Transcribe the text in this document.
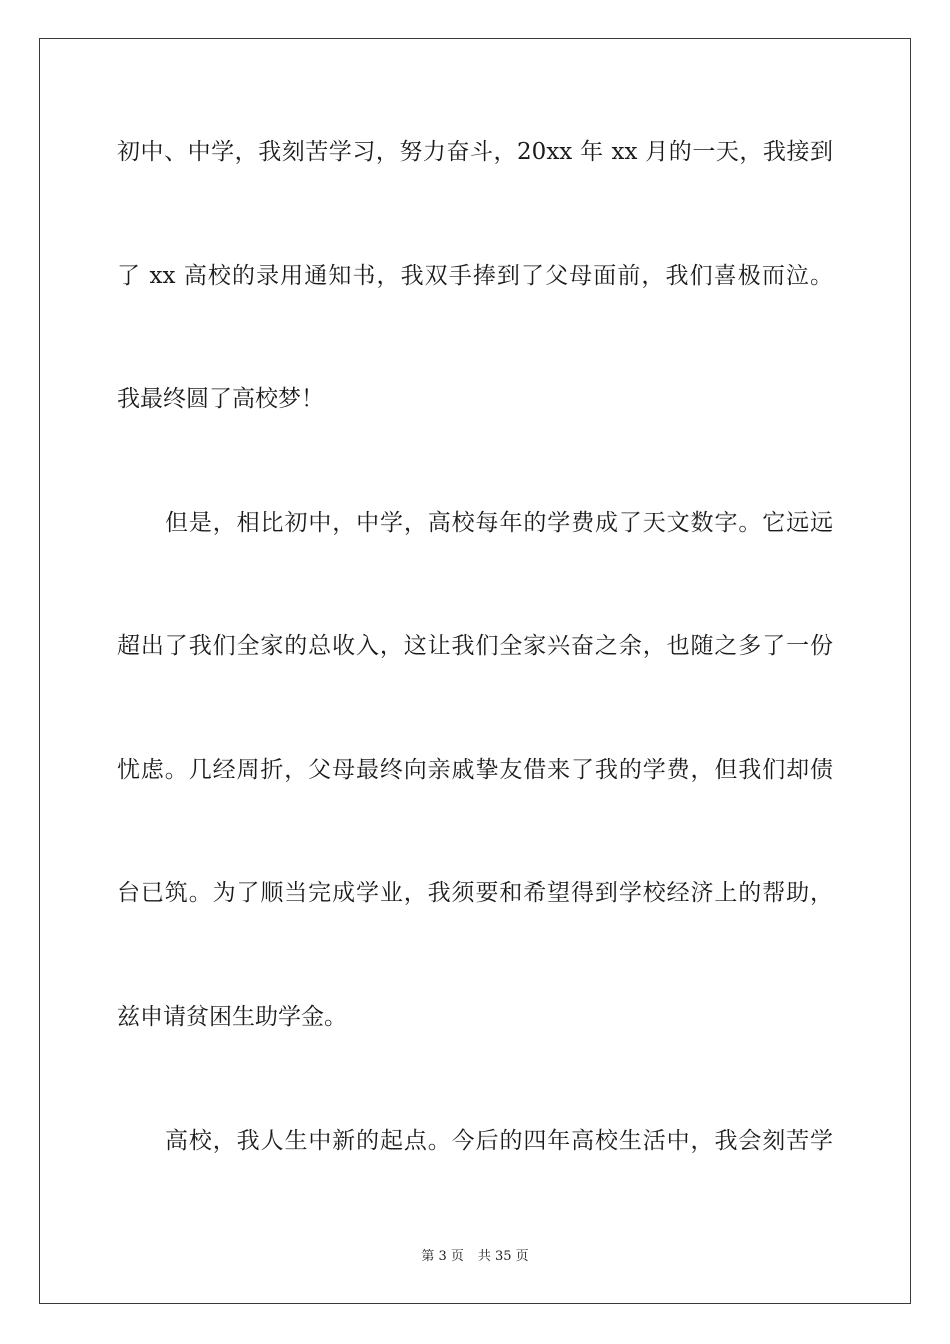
初中、中学，我刻苦学习，努力奋斗，20xx 年 xx 月的一天，我接到
了 xx 高校的录用通知书，我双手捧到了父母面前，我们喜极而泣。
我最终圆了高校梦！
但是，相比初中，中学，高校每年的学费成了天文数字。它远远
超出了我们全家的总收入，这让我们全家兴奋之余，也随之多了一份
忧虑。几经周折，父母最终向亲戚挚友借来了我的学费，但我们却债
台已筑。为了顺当完成学业，我须要和希望得到学校经济上的帮助，
兹申请贫困生助学金。
高校，我人生中新的起点。今后的四年高校生活中，我会刻苦学
第 3 页 共 35 页
